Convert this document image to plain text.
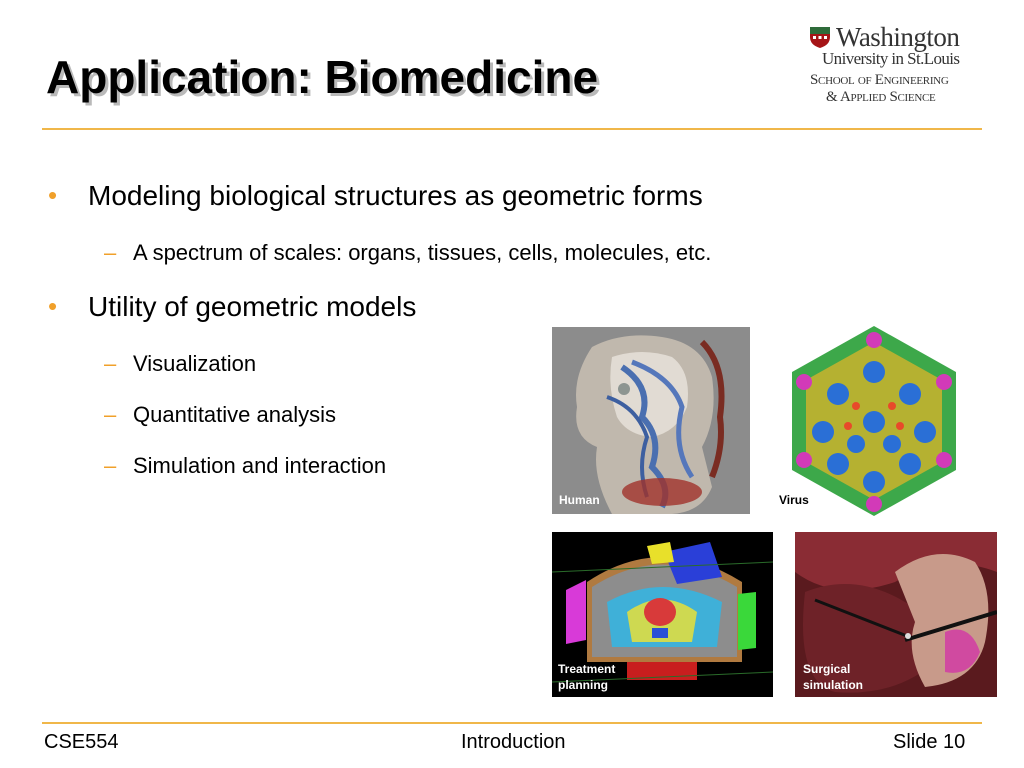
Application: Biomedicine
Washington
University in St.Louis
School of Engineering
& Applied Science
•	Modeling biological structures as geometric forms
– A spectrum of scales: organs, tissues, cells, molecules, etc.
•	Utility of geometric models
– Visualization
– Quantitative analysis
– Simulation and interaction
Human	Virus
Treatment
planning
Surgical
simulation
CSE554	Introduction	Slide 10
